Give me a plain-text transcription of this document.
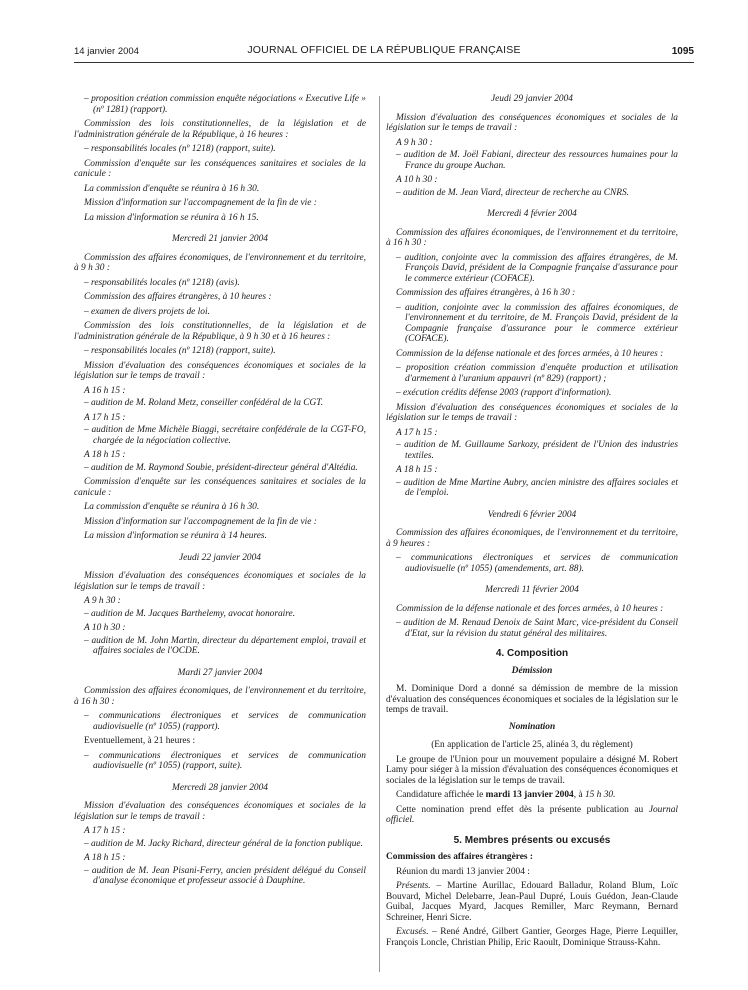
14 janvier 2004	JOURNAL OFFICIEL DE LA RÉPUBLIQUE FRANÇAISE	1095

– proposition création commission enquête négociations « Executive Life » (nº 1281) (rapport).

Commission des lois constitutionnelles, de la législation et de l'administration générale de la République, à 16 heures :

– responsabilités locales (nº 1218) (rapport, suite).

Commission d'enquête sur les conséquences sanitaires et sociales de la canicule :

La commission d'enquête se réunira à 16 h 30.

Mission d'information sur l'accompagnement de la fin de vie :

La mission d'information se réunira à 16 h 15.

Mercredi 21 janvier 2004

Commission des affaires économiques, de l'environnement et du territoire, à 9 h 30 :

– responsabilités locales (nº 1218) (avis).

Commission des affaires étrangères, à 10 heures :

– examen de divers projets de loi.

Commission des lois constitutionnelles, de la législation et de l'administration générale de la République, à 9 h 30 et à 16 heures :

– responsabilités locales (nº 1218) (rapport, suite).

Mission d'évaluation des conséquences économiques et sociales de la législation sur le temps de travail :

A 16 h 15 :

– audition de M. Roland Metz, conseiller confédéral de la CGT.

A 17 h 15 :

– audition de Mme Michèle Biaggi, secrétaire confédérale de la CGT-FO, chargée de la négociation collective.

A 18 h 15 :

– audition de M. Raymond Soubie, président-directeur général d'Altédia.

Commission d'enquête sur les conséquences sanitaires et sociales de la canicule :

La commission d'enquête se réunira à 16 h 30.

Mission d'information sur l'accompagnement de la fin de vie :

La mission d'information se réunira à 14 heures.

Jeudi 22 janvier 2004

Mission d'évaluation des conséquences économiques et sociales de la législation sur le temps de travail :

A 9 h 30 :

– audition de M. Jacques Barthelemy, avocat honoraire.

A 10 h 30 :

– audition de M. John Martin, directeur du département emploi, travail et affaires sociales de l'OCDE.

Mardi 27 janvier 2004

Commission des affaires économiques, de l'environnement et du territoire, à 16 h 30 :

– communications électroniques et services de communication audiovisuelle (nº 1055) (rapport).

Eventuellement, à 21 heures :

– communications électroniques et services de communication audiovisuelle (nº 1055) (rapport, suite).

Mercredi 28 janvier 2004

Mission d'évaluation des conséquences économiques et sociales de la législation sur le temps de travail :

A 17 h 15 :

– audition de M. Jacky Richard, directeur général de la fonction publique.

A 18 h 15 :

– audition de M. Jean Pisani-Ferry, ancien président délégué du Conseil d'analyse économique et professeur associé à Dauphine.

Jeudi 29 janvier 2004

Mission d'évaluation des conséquences économiques et sociales de la législation sur le temps de travail :

A 9 h 30 :

– audition de M. Joël Fabiani, directeur des ressources humaines pour la France du groupe Auchan.

A 10 h 30 :

– audition de M. Jean Viard, directeur de recherche au CNRS.

Mercredi 4 février 2004

Commission des affaires économiques, de l'environnement et du territoire, à 16 h 30 :

– audition, conjointe avec la commission des affaires étrangères, de M. François David, président de la Compagnie française d'assurance pour le commerce extérieur (COFACE).

Commission des affaires étrangères, à 16 h 30 :

– audition, conjointe avec la commission des affaires économiques, de l'environnement et du territoire, de M. François David, président de la Compagnie française d'assurance pour le commerce extérieur (COFACE).

Commission de la défense nationale et des forces armées, à 10 heures :

– proposition création commission d'enquête production et utilisation d'armement à l'uranium appauvri (nº 829) (rapport) ;

– exécution crédits défense 2003 (rapport d'information).

Mission d'évaluation des conséquences économiques et sociales de la législation sur le temps de travail :

A 17 h 15 :

– audition de M. Guillaume Sarkozy, président de l'Union des industries textiles.

A 18 h 15 :

– audition de Mme Martine Aubry, ancien ministre des affaires sociales et de l'emploi.

Vendredi 6 février 2004

Commission des affaires économiques, de l'environnement et du territoire, à 9 heures :

– communications électroniques et services de communication audiovisuelle (nº 1055) (amendements, art. 88).

Mercredi 11 février 2004

Commission de la défense nationale et des forces armées, à 10 heures :

– audition de M. Renaud Denoix de Saint Marc, vice-président du Conseil d'Etat, sur la révision du statut général des militaires.

4. Composition
Démission

M. Dominique Dord a donné sa démission de membre de la mission d'évaluation des conséquences économiques et sociales de la législation sur le temps de travail.

Nomination

(En application de l'article 25, alinéa 3, du règlement)

Le groupe de l'Union pour un mouvement populaire a désigné M. Robert Lamy pour siéger à la mission d'évaluation des conséquences économiques et sociales de la législation sur le temps de travail.

Candidature affichée le mardi 13 janvier 2004, à 15 h 30.

Cette nomination prend effet dès la présente publication au Journal officiel.

5. Membres présents ou excusés

Commission des affaires étrangères :

Réunion du mardi 13 janvier 2004 :

Présents. – Martine Aurillac, Edouard Balladur, Roland Blum, Loïc Bouvard, Michel Delebarre, Jean-Paul Dupré, Louis Guédon, Jean-Claude Guibal, Jacques Myard, Jacques Remiller, Marc Reymann, Bernard Schreiner, Henri Sicre.

Excusés. – René André, Gilbert Gantier, Georges Hage, Pierre Lequiller, François Loncle, Christian Philip, Eric Raoult, Dominique Strauss-Kahn.
